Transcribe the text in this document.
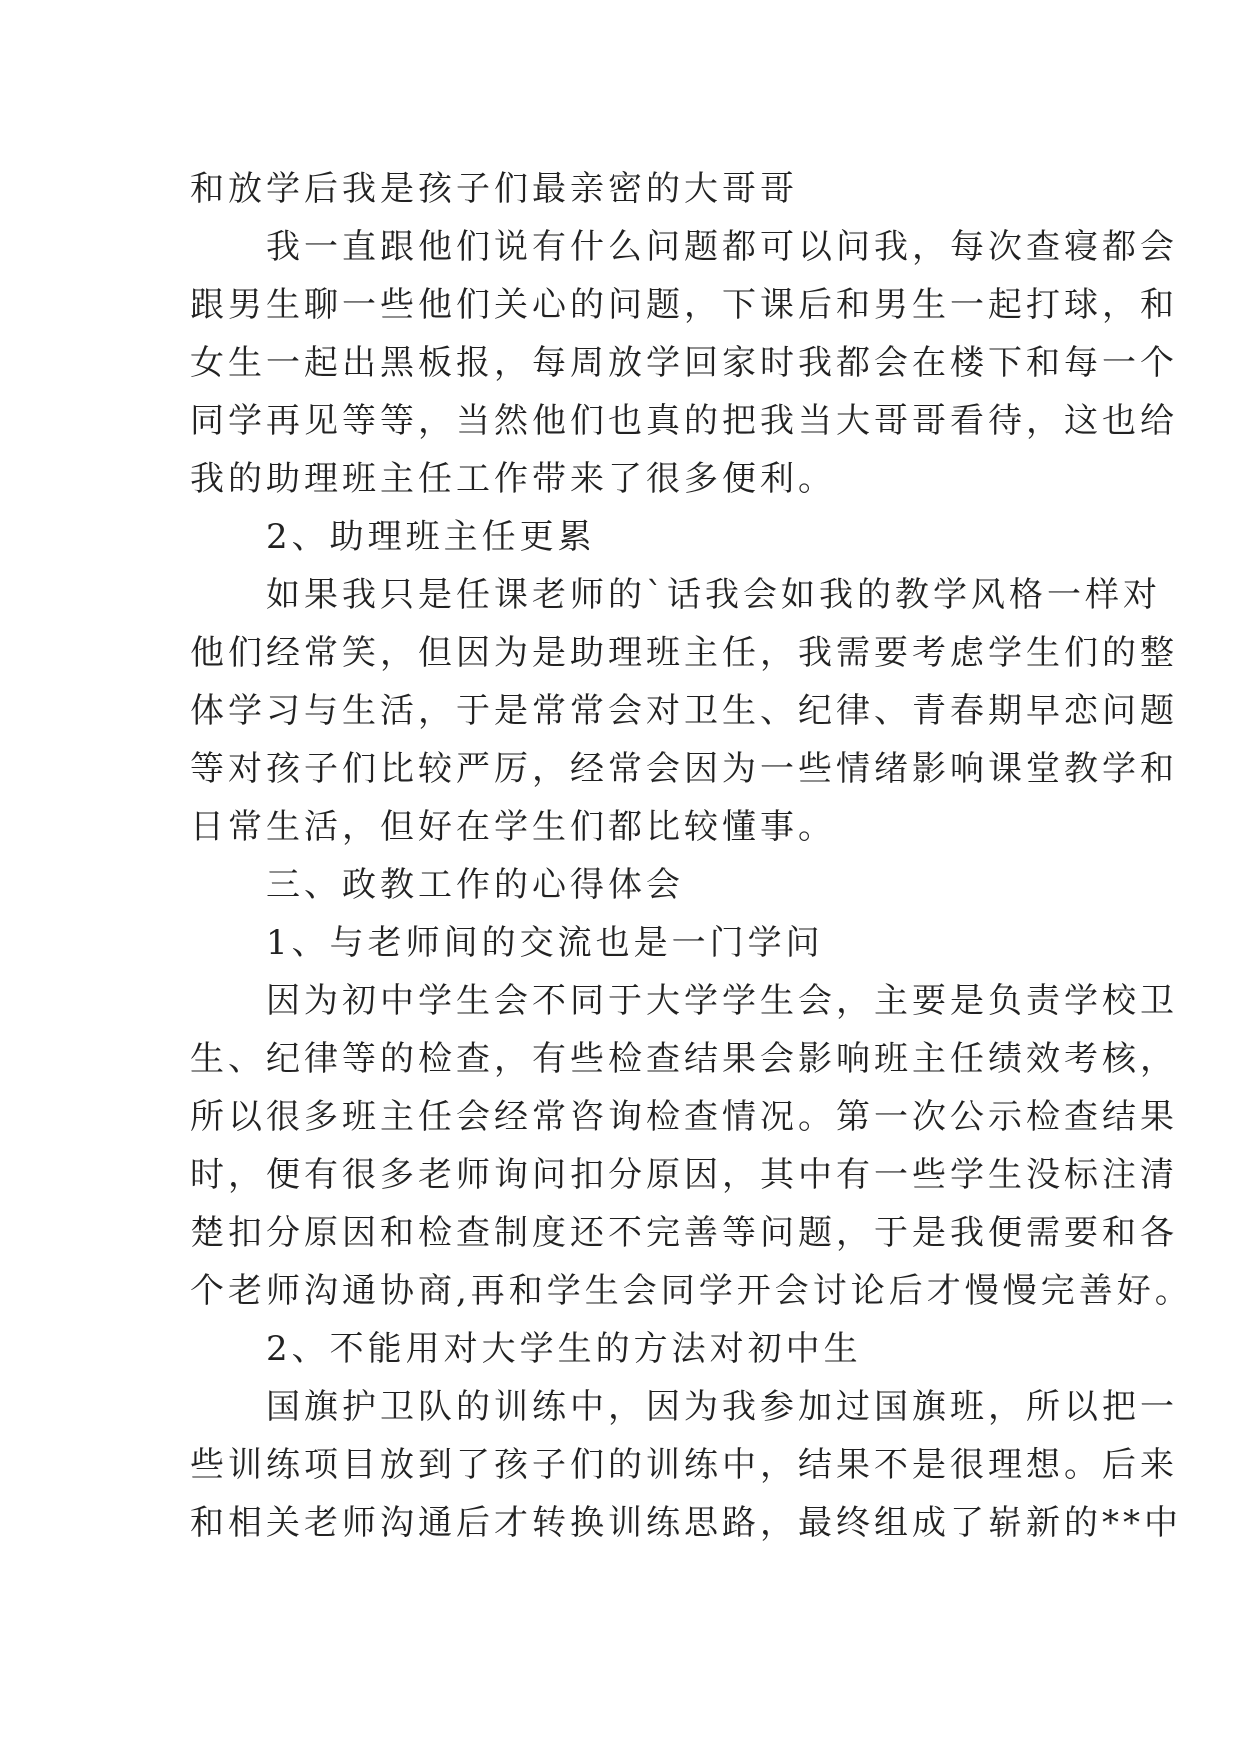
和放学后我是孩子们最亲密的大哥哥
我一直跟他们说有什么问题都可以问我，每次查寝都会
跟男生聊一些他们关心的问题，下课后和男生一起打球，和
女生一起出黑板报，每周放学回家时我都会在楼下和每一个
同学再见等等，当然他们也真的把我当大哥哥看待，这也给
我的助理班主任工作带来了很多便利。
2、助理班主任更累
如果我只是任课老师的`话我会如我的教学风格一样对
他们经常笑，但因为是助理班主任，我需要考虑学生们的整
体学习与生活，于是常常会对卫生、纪律、青春期早恋问题
等对孩子们比较严厉，经常会因为一些情绪影响课堂教学和
日常生活，但好在学生们都比较懂事。
三、政教工作的心得体会
1、与老师间的交流也是一门学问
因为初中学生会不同于大学学生会，主要是负责学校卫
生、纪律等的检查，有些检查结果会影响班主任绩效考核，
所以很多班主任会经常咨询检查情况。第一次公示检查结果
时，便有很多老师询问扣分原因，其中有一些学生没标注清
楚扣分原因和检查制度还不完善等问题，于是我便需要和各
个老师沟通协商,再和学生会同学开会讨论后才慢慢完善好。
2、不能用对大学生的方法对初中生
国旗护卫队的训练中，因为我参加过国旗班，所以把一
些训练项目放到了孩子们的训练中，结果不是很理想。后来
和相关老师沟通后才转换训练思路，最终组成了崭新的**中
